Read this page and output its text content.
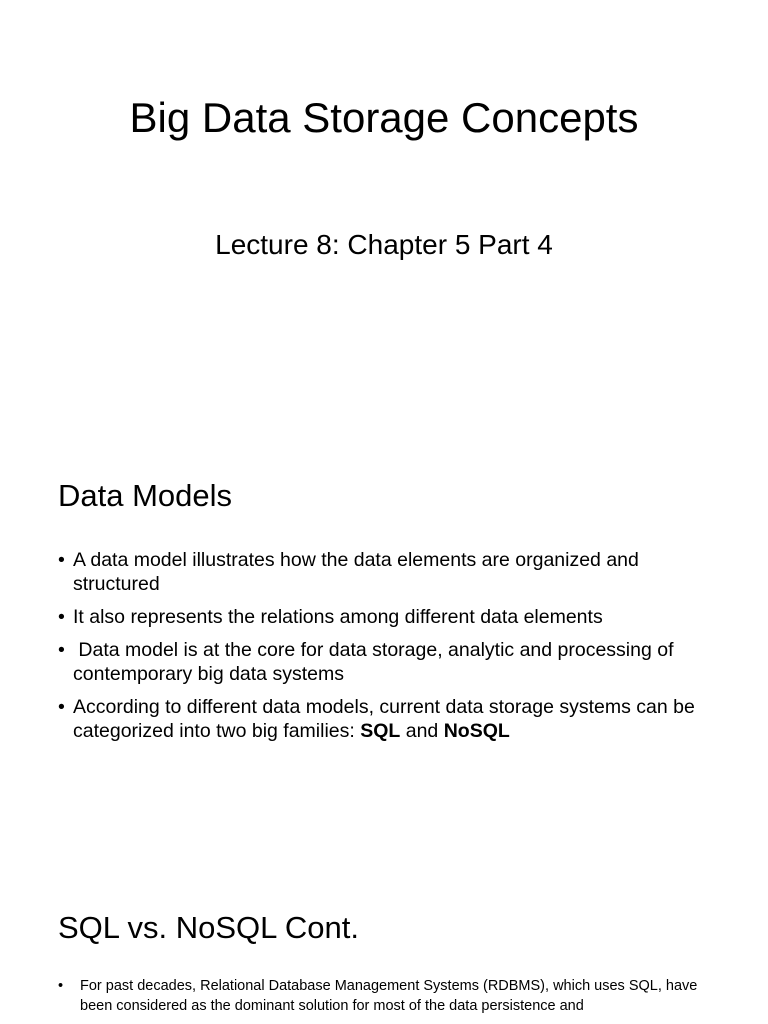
Big Data Storage Concepts

Lecture 8: Chapter 5 Part 4

Data Models
• A data model illustrates how the data elements are organized and structured
• It also represents the relations among different data elements
• Data model is at the core for data storage, analytic and processing of contemporary big data systems
• According to different data models, current data storage systems can be categorized into two big families: SQL and NoSQL
SQL vs. NoSQL Cont.
• For past decades, Relational Database Management Systems (RDBMS), which uses SQL, have been considered as the dominant solution for most of the data persistence and
